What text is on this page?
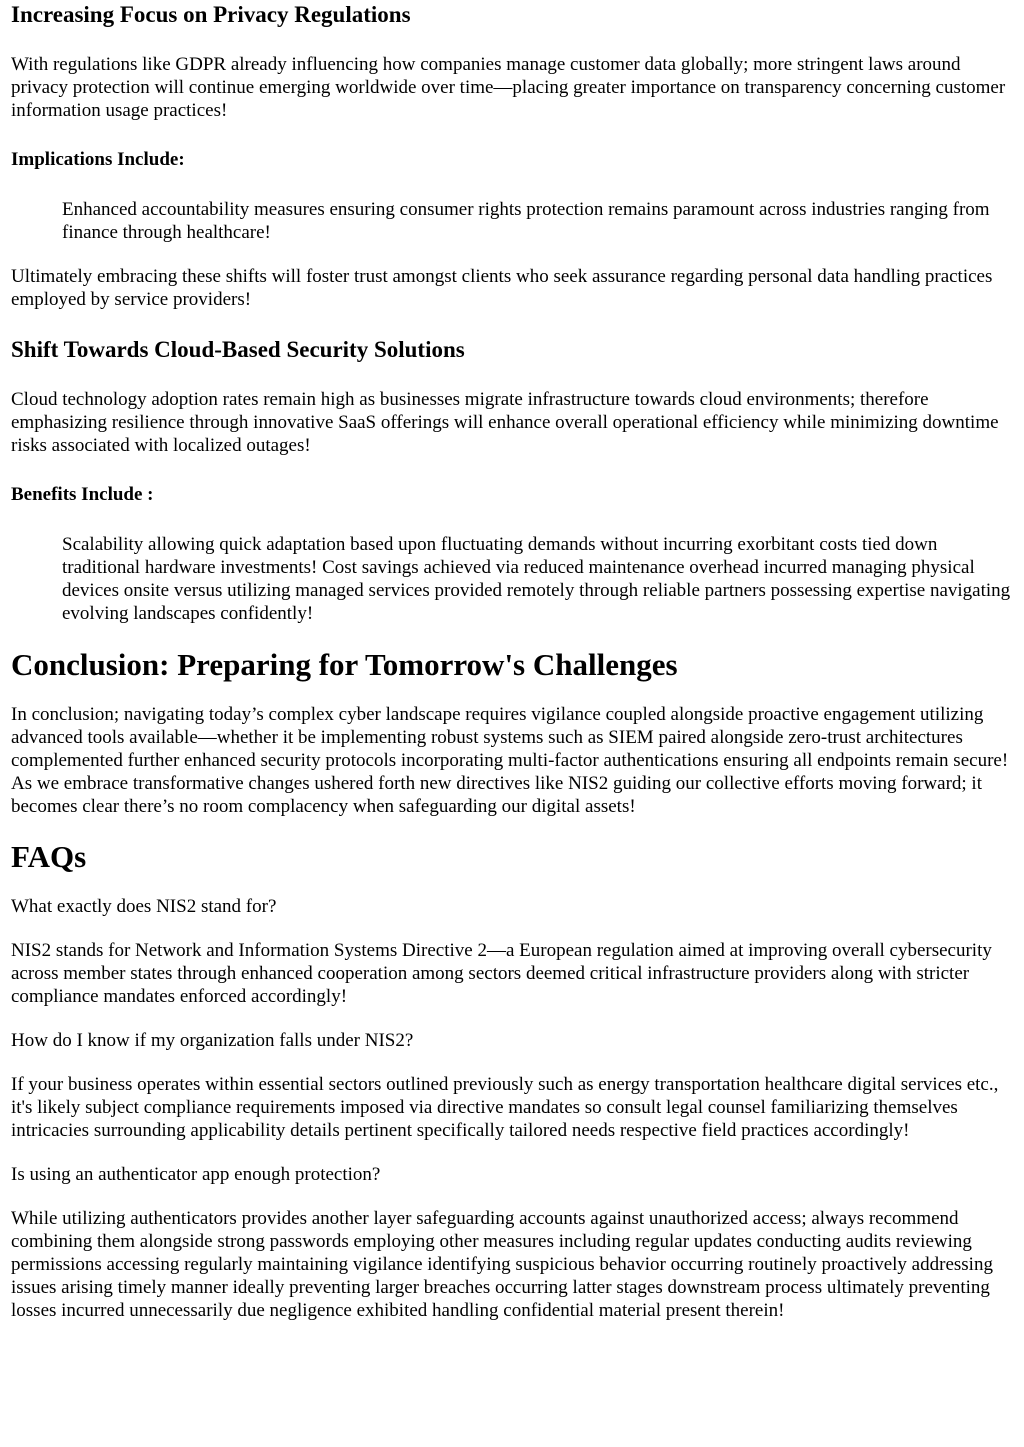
Increasing Focus on Privacy Regulations

With regulations like GDPR already influencing how companies manage customer data globally; more stringent laws around privacy protection will continue emerging worldwide over time—placing greater importance on transparency concerning customer information usage practices!

Implications Include:
Enhanced accountability measures ensuring consumer rights protection remains paramount across industries ranging from finance through healthcare!

Ultimately embracing these shifts will foster trust amongst clients who seek assurance regarding personal data handling practices employed by service providers!

Shift Towards Cloud-Based Security Solutions

Cloud technology adoption rates remain high as businesses migrate infrastructure towards cloud environments; therefore emphasizing resilience through innovative SaaS offerings will enhance overall operational efficiency while minimizing downtime risks associated with localized outages!

Benefits Include :
Scalability allowing quick adaptation based upon fluctuating demands without incurring exorbitant costs tied down traditional hardware investments! Cost savings achieved via reduced maintenance overhead incurred managing physical devices onsite versus utilizing managed services provided remotely through reliable partners possessing expertise navigating evolving landscapes confidently!
Conclusion: Preparing for Tomorrow's Challenges

In conclusion; navigating today’s complex cyber landscape requires vigilance coupled alongside proactive engagement utilizing advanced tools available—whether it be implementing robust systems such as SIEM paired alongside zero-trust architectures complemented further enhanced security protocols incorporating multi-factor authentications ensuring all endpoints remain secure! As we embrace transformative changes ushered forth new directives like NIS2 guiding our collective efforts moving forward; it becomes clear there’s no room complacency when safeguarding our digital assets!

FAQs

What exactly does NIS2 stand for?

NIS2 stands for Network and Information Systems Directive 2—a European regulation aimed at improving overall cybersecurity across member states through enhanced cooperation among sectors deemed critical infrastructure providers along with stricter compliance mandates enforced accordingly!

How do I know if my organization falls under NIS2?

If your business operates within essential sectors outlined previously such as energy transportation healthcare digital services etc., it's likely subject compliance requirements imposed via directive mandates so consult legal counsel familiarizing themselves intricacies surrounding applicability details pertinent specifically tailored needs respective field practices accordingly!

Is using an authenticator app enough protection?

While utilizing authenticators provides another layer safeguarding accounts against unauthorized access; always recommend combining them alongside strong passwords employing other measures including regular updates conducting audits reviewing permissions accessing regularly maintaining vigilance identifying suspicious behavior occurring routinely proactively addressing issues arising timely manner ideally preventing larger breaches occurring latter stages downstream process ultimately preventing losses incurred unnecessarily due negligence exhibited handling confidential material present therein!
